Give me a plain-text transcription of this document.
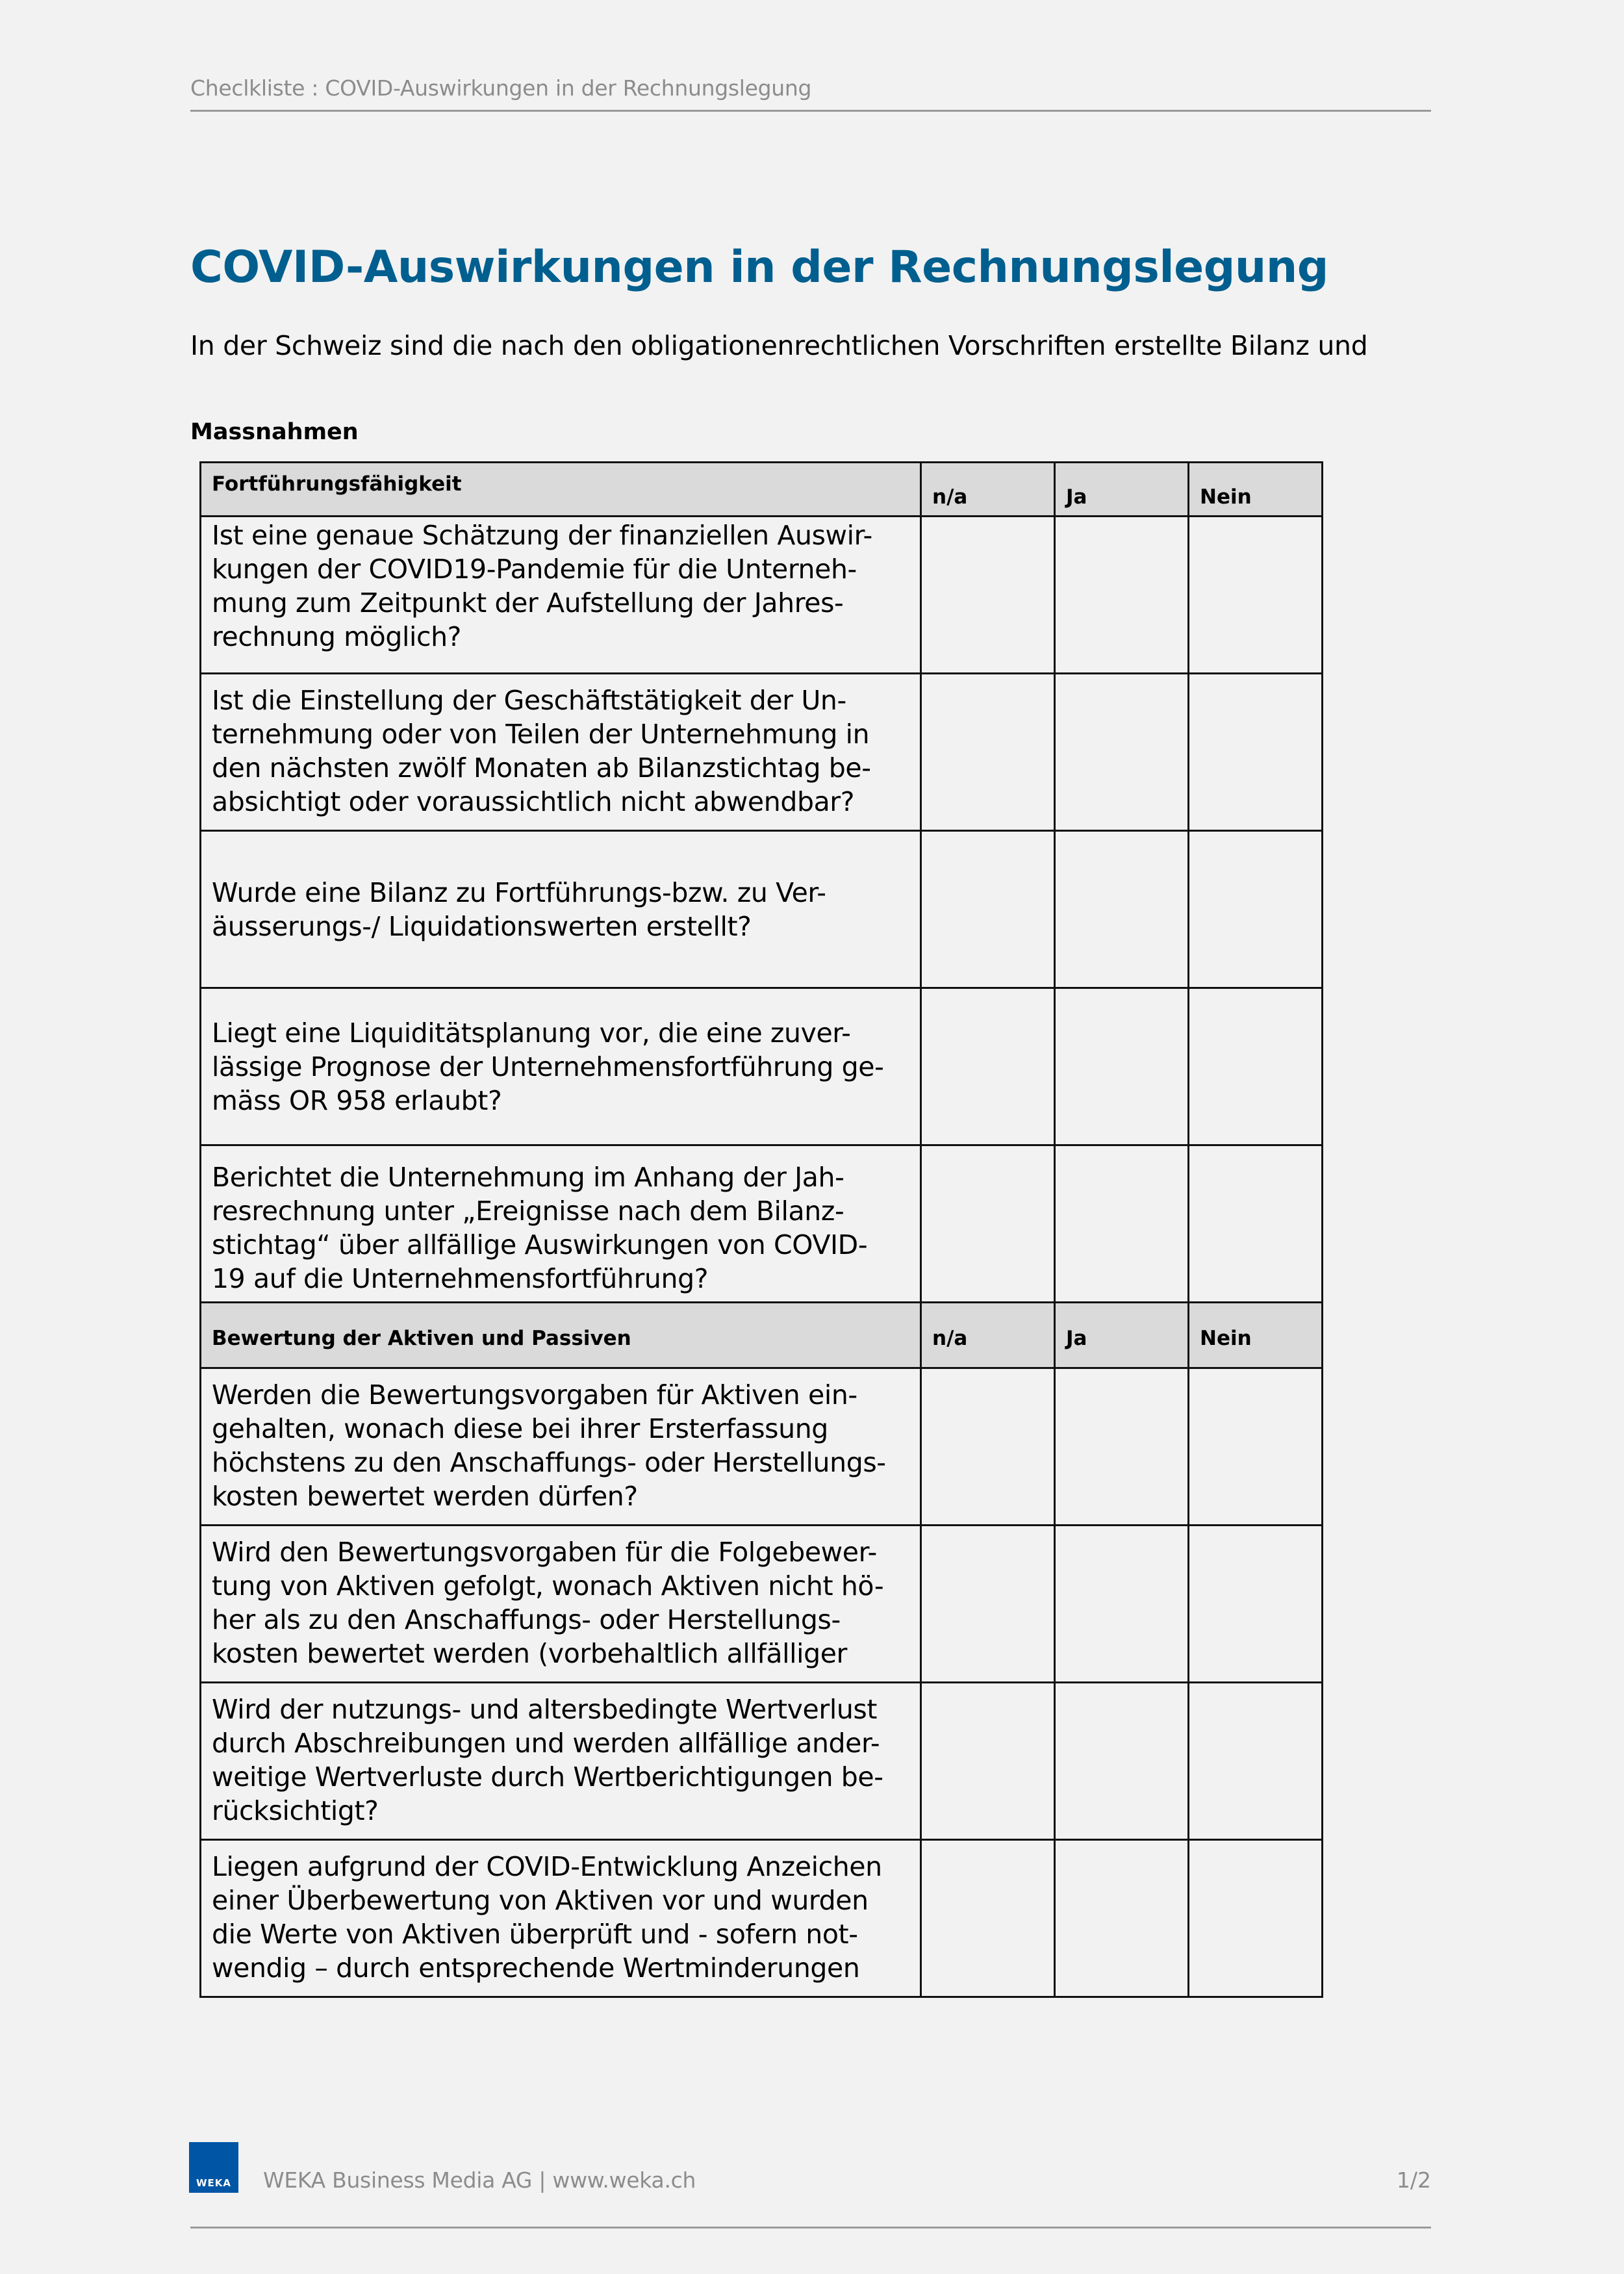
Checlkliste : COVID-Auswirkungen in der Rechnungslegung
COVID-Auswirkungen in der Rechnungslegung

In der Schweiz sind die nach den obligationenrechtlichen Vorschriften erstellte Bilanz und

Massnahmen
Fortführungsfähigkeit	n/a	Ja	Nein

Ist eine genaue Schätzung der finanziellen Auswir-
kungen der COVID19-Pandemie für die Unterneh-
mung zum Zeitpunkt der Aufstellung der Jahres-
rechnung möglich?			

Ist die Einstellung der Geschäftstätigkeit der Un-
ternehmung oder von Teilen der Unternehmung in
den nächsten zwölf Monaten ab Bilanzstichtag be-
absichtigt oder voraussichtlich nicht abwendbar?			

Wurde eine Bilanz zu Fortführungs-bzw. zu Ver-
äusserungs-/ Liquidationswerten erstellt?			

Liegt eine Liquiditätsplanung vor, die eine zuver-
lässige Prognose der Unternehmensfortführung ge-
mäss OR 958 erlaubt?			

Berichtet die Unternehmung im Anhang der Jah-
resrechnung unter „Ereignisse nach dem Bilanz-
stichtag“ über allfällige Auswirkungen von COVID-
19 auf die Unternehmensfortführung?			

Bewertung der Aktiven und Passiven	n/a	Ja	Nein

Werden die Bewertungsvorgaben für Aktiven ein-
gehalten, wonach diese bei ihrer Ersterfassung
höchstens zu den Anschaffungs- oder Herstellungs-
kosten bewertet werden dürfen?			

Wird den Bewertungsvorgaben für die Folgebewer-
tung von Aktiven gefolgt, wonach Aktiven nicht hö-
her als zu den Anschaffungs- oder Herstellungs-
kosten bewertet werden (vorbehaltlich allfälliger			

Wird der nutzungs- und altersbedingte Wertverlust
durch Abschreibungen und werden allfällige ander-
weitige Wertverluste durch Wertberichtigungen be-
rücksichtigt?			

Liegen aufgrund der COVID-Entwicklung Anzeichen
einer Überbewertung von Aktiven vor und wurden
die Werte von Aktiven überprüft und - sofern not-
wendig – durch entsprechende Wertminderungen			

WEKA	WEKA Business Media AG | www.weka.ch	1/2
